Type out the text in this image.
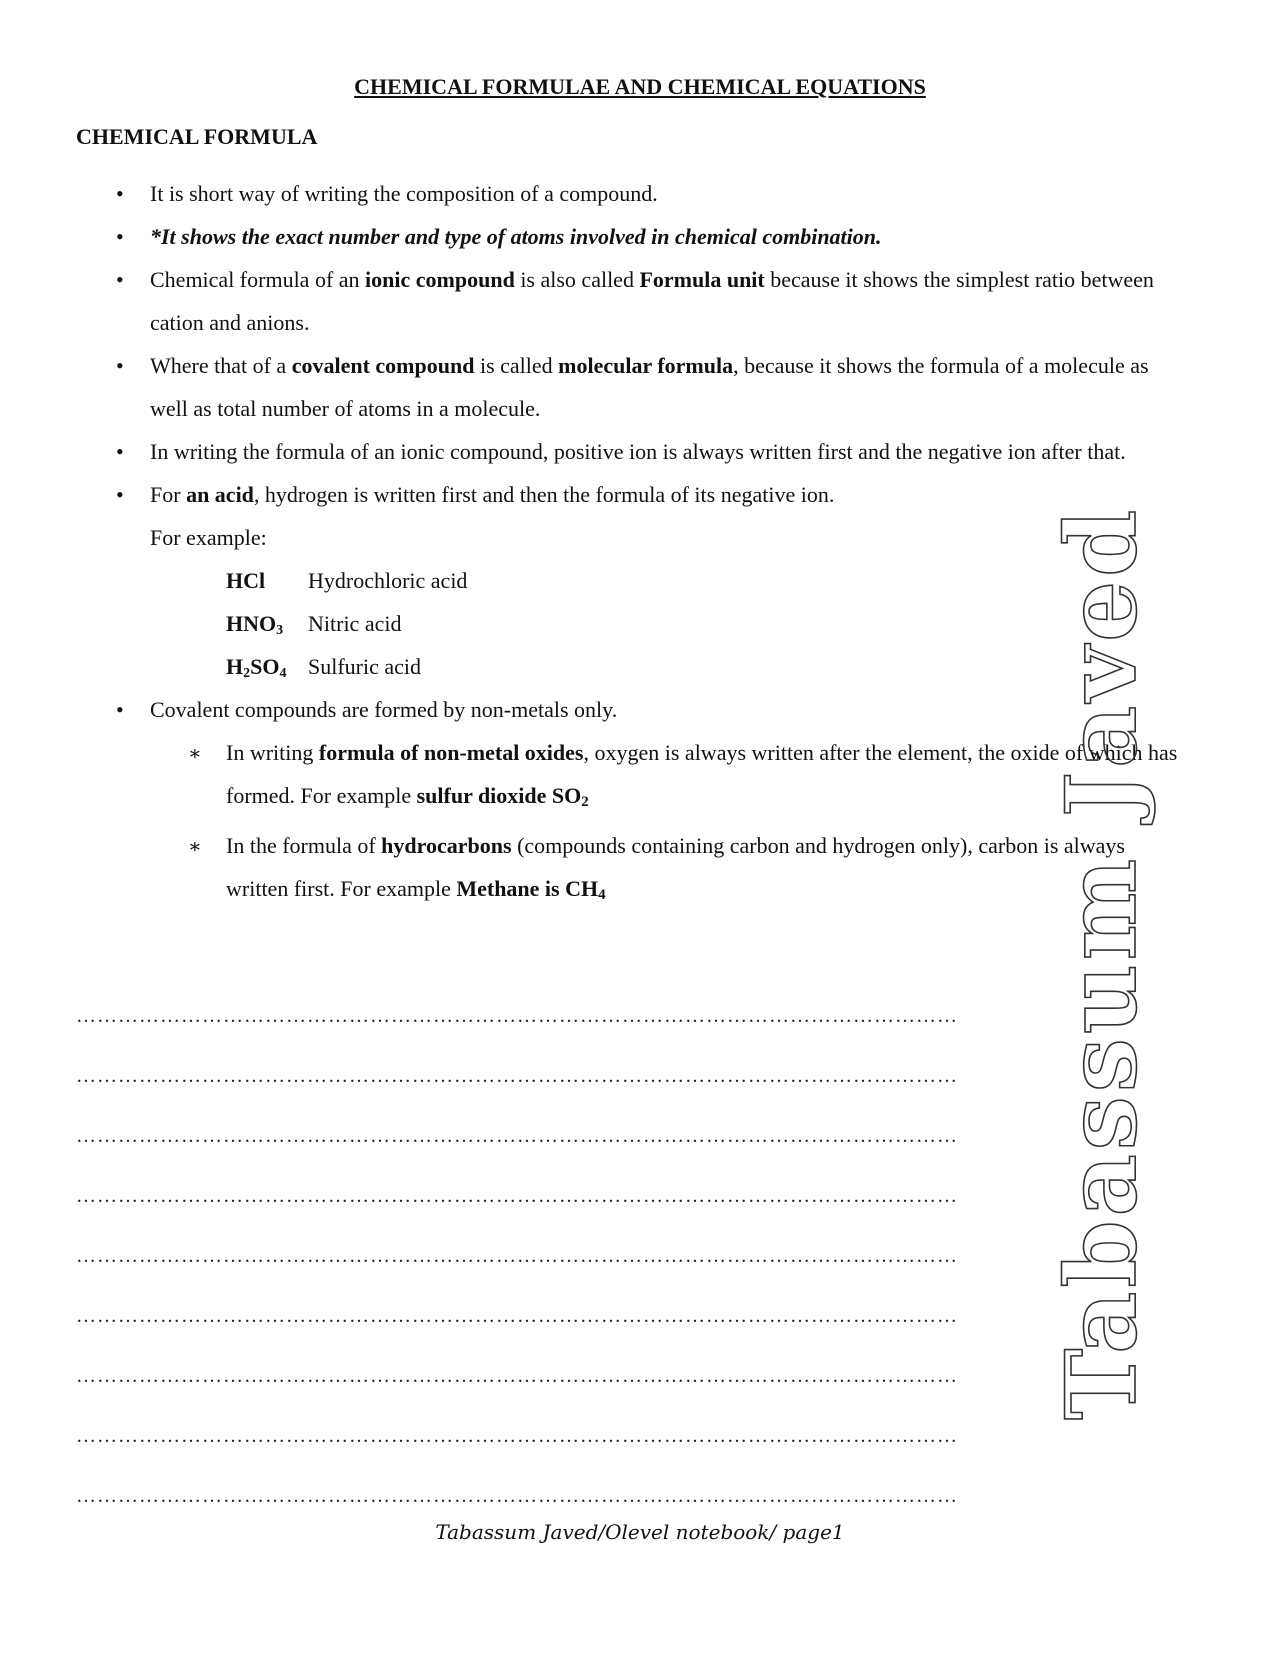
CHEMICAL FORMULAE AND CHEMICAL EQUATIONS
CHEMICAL FORMULA
• It is short way of writing the composition of a compound.
• *It shows the exact number and type of atoms involved in chemical combination.
• Chemical formula of an ionic compound is also called Formula unit because it shows the simplest ratio between cation and anions.
• Where that of a covalent compound is called molecular formula, because it shows the formula of a molecule as well as total number of atoms in a molecule.
• In writing the formula of an ionic compound, positive ion is always written first and the negative ion after that.
• For an acid, hydrogen is written first and then the formula of its negative ion.
For example:
HCl	Hydrochloric acid
$HNO_3$	Nitric acid
$H_2SO_4$ Sulfuric acid
• Covalent compounds are formed by non-metals only.
∗ In writing formula of non-metal oxides, oxygen is always written after the element, the oxide of which has formed. For example sulfur dioxide $SO_2$
∗ In the formula of hydrocarbons (compounds containing carbon and hydrogen only), carbon is always written first. For example Methane is $CH_4$
………………………………………………………………………………………………………………
………………………………………………………………………………………………………………
………………………………………………………………………………………………………………
………………………………………………………………………………………………………………
………………………………………………………………………………………………………………
………………………………………………………………………………………………………………
………………………………………………………………………………………………………………
………………………………………………………………………………………………………………
………………………………………………………………………………………………………………
Tabassum Javed
Tabassum Javed/Olevel notebook/ page1
